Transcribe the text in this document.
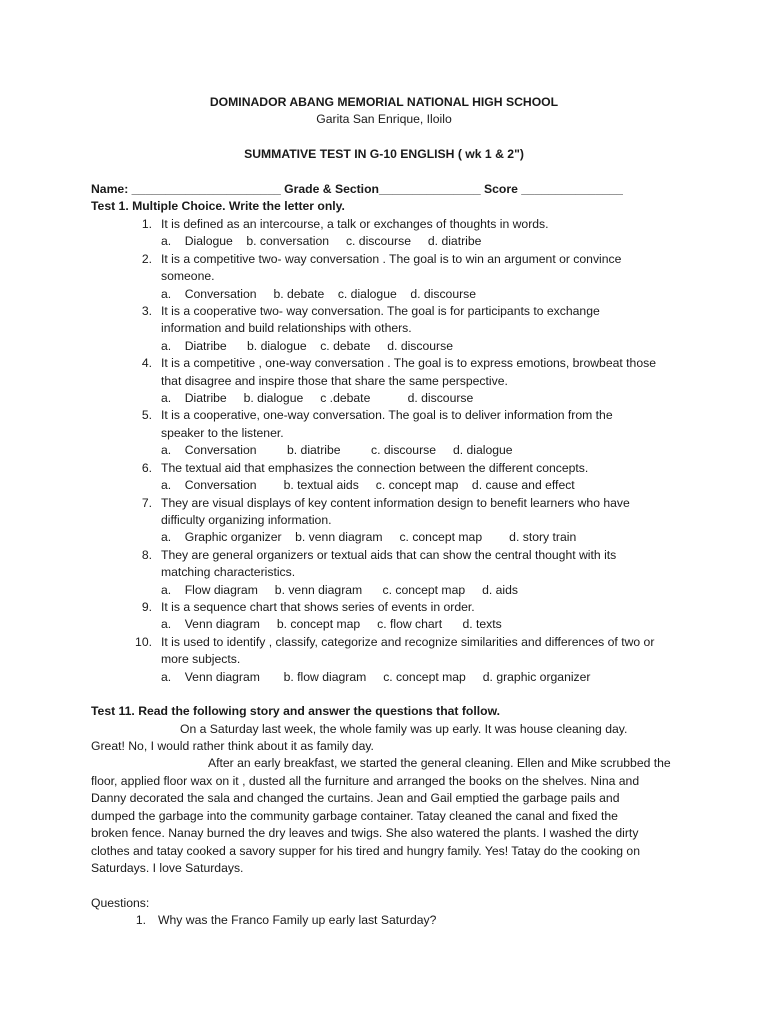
DOMINADOR ABANG MEMORIAL NATIONAL HIGH SCHOOL
Garita San Enrique, Iloilo
SUMMATIVE TEST IN G-10 ENGLISH ( wk 1 & 2")
Name: ______________________ Grade & Section_______________ Score _______________
Test 1. Multiple Choice. Write the letter only.
1. It is defined as an intercourse, a talk or exchanges of thoughts in words.
a.    Dialogue    b. conversation     c. discourse     d. diatribe
2. It is a competitive two- way conversation . The goal is to win an argument or convince
someone.
a.    Conversation     b. debate    c. dialogue    d. discourse
3. It is a cooperative two- way conversation. The goal is for participants to exchange
information and build relationships with others.
a.    Diatribe      b. dialogue    c. debate     d. discourse
4. It is a competitive , one-way conversation . The goal is to express emotions, browbeat those
that disagree and inspire those that share the same perspective.
a.    Diatribe     b. dialogue     c .debate           d. discourse
5. It is a cooperative, one-way conversation. The goal is to deliver information from the
speaker to the listener.
a.    Conversation         b. diatribe         c. discourse     d. dialogue
6. The textual aid that emphasizes the connection between the different concepts.
a.    Conversation        b. textual aids     c. concept map    d. cause and effect
7. They are visual displays of key content information design to benefit learners who have
difficulty organizing information.
a.    Graphic organizer    b. venn diagram     c. concept map        d. story train
8. They are general organizers or textual aids that can show the central thought with its
matching characteristics.
a.    Flow diagram     b. venn diagram      c. concept map     d. aids
9. It is a sequence chart that shows series of events in order.
a.    Venn diagram     b. concept map     c. flow chart      d. texts
10. It is used to identify , classify, categorize and recognize similarities and differences of two or
more subjects.
a.    Venn diagram       b. flow diagram     c. concept map     d. graphic organizer
Test 11. Read the following story and answer the questions that follow.
On a Saturday last week, the whole family was up early. It was house cleaning day.
Great! No, I would rather think about it as family day.
After an early breakfast, we started the general cleaning. Ellen and Mike scrubbed the
floor, applied floor wax on it , dusted all the furniture and arranged the books on the shelves. Nina and
Danny decorated the sala and changed the curtains. Jean and Gail emptied the garbage pails and
dumped the garbage into the community garbage container. Tatay cleaned the canal and fixed the
broken fence. Nanay burned the dry leaves and twigs. She also watered the plants. I washed the dirty
clothes and tatay cooked a savory supper for his tired and hungry family. Yes! Tatay do the cooking on
Saturdays. I love Saturdays.
Questions:
1. Why was the Franco Family up early last Saturday?
